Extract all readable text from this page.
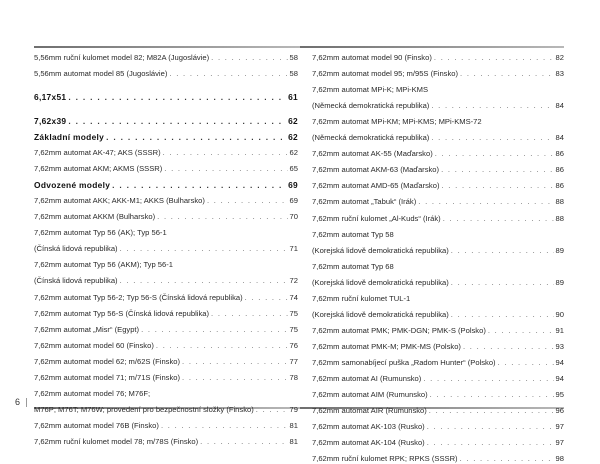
5,56mm ruční kulomet model 82; M82A (Jugoslávie) . . .	58
5,56mm automat model 85 (Jugoslávie) . . .	58
6,17x51 . . .	61
7,62x39 . . .	62
Základní modely . . .	62
7,62mm automat AK-47; AKS (SSSR) . . .	62
7,62mm automat AKM; AKMS (SSSR) . . .	65
Odvozené modely . . .	69
7,62mm automat AKK; AKK-M1; AKKS (Bulharsko) . . .	69
7,62mm automat AKKM (Bulharsko) . . .	70
7,62mm automat Typ 56 (AK); Typ 56-1
(Čínská lidová republika) . . .	71
7,62mm automat Typ 56 (AKM); Typ 56-1
(Čínská lidová republika) . . .	72
7,62mm automat Typ 56-2; Typ 56-S (Čínská lidová republika) . . .	74
7,62mm automat Typ 56-S (Čínská lidová republika) . . .	75
7,62mm automat „Misr“ (Egypt) . . .	75
7,62mm automat model 60 (Finsko) . . .	76
7,62mm automat model 62; m/62S (Finsko) . . .	77
7,62mm automat model 71; m/71S (Finsko) . . .	78
7,62mm automat model 76; M76F;
M76P; M76T; M76W; provedení pro bezpečnostní složky (Finsko) . . .	79
7,62mm automat model 76B (Finsko) . . .	81
7,62mm ruční kulomet model 78; m/78S (Finsko) . . .	81
7,62mm automat model 90 (Finsko) . . .	82
7,62mm automat model 95; m/95S (Finsko) . . .	83
7,62mm automat MPi-K; MPi-KMS
(Německá demokratická republika) . . .	84
7,62mm automat MPi-KM; MPi-KMS; MPi-KMS-72
(Německá demokratická republika) . . .	84
7,62mm automat AK-55 (Maďarsko) . . .	86
7,62mm automat AKM-63 (Maďarsko) . . .	86
7,62mm automat AMD-65 (Maďarsko) . . .	86
7,62mm automat „Tabuk“ (Irák) . . .	88
7,62mm ruční kulomet „Al-Kuds“ (Irák) . . .	88
7,62mm automat Typ 58
(Korejská lidově demokratická republika) . . .	89
7,62mm automat Typ 68
(Korejská lidově demokratická republika) . . .	89
7,62mm ruční kulomet TUL-1
(Korejská lidově demokratická republika) . . .	90
7,62mm automat PMK; PMK-DGN; PMK-S (Polsko) . . .	91
7,62mm automat PMK-M; PMK-MS (Polsko) . . .	93
7,62mm samonabíjecí puška „Radom Hunter“ (Polsko) . . .	94
7,62mm automat AI (Rumunsko) . . .	94
7,62mm automat AIM (Rumunsko) . . .	95
7,62mm automat AIR (Rumunsko) . . .	96
7,62mm automat AK-103 (Rusko) . . .	97
7,62mm automat AK-104 (Rusko) . . .	97
7,62mm ruční kulomet RPK; RPKS (SSSR) . . .	98
6
